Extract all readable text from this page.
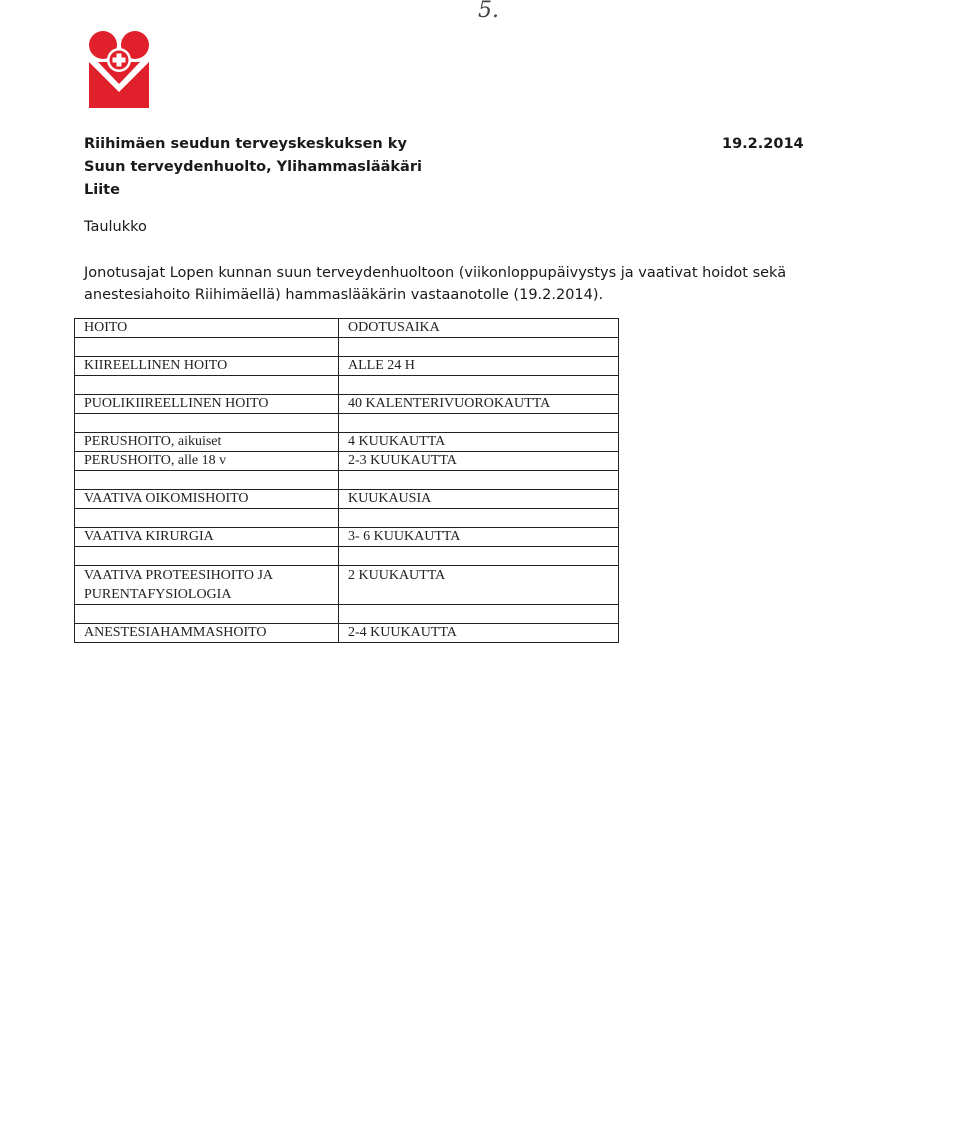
5.
Riihimäen seudun terveyskeskuksen ky
Suun terveydenhuolto, Ylihammaslääkäri
Liite
19.2.2014
Taulukko
Jonotusajat Lopen kunnan suun terveydenhuoltoon (viikonloppupäivystys ja vaativat hoidot sekä anestesiahoito Riihimäellä) hammaslääkärin vastaanotolle (19.2.2014).
HOITO	ODOTUSAIKA

KIIREELLINEN HOITO	ALLE 24 H

PUOLIKIIREELLINEN HOITO	40 KALENTERIVUOROKAUTTA

PERUSHOITO, aikuiset	4 KUUKAUTTA
PERUSHOITO, alle 18 v	2-3 KUUKAUTTA

VAATIVA OIKOMISHOITO	KUUKAUSIA

VAATIVA KIRURGIA	3- 6 KUUKAUTTA

VAATIVA PROTEESIHOITO JA
PURENTAFYSIOLOGIA	2 KUUKAUTTA

ANESTESIAHAMMASHOITO	2-4 KUUKAUTTA
